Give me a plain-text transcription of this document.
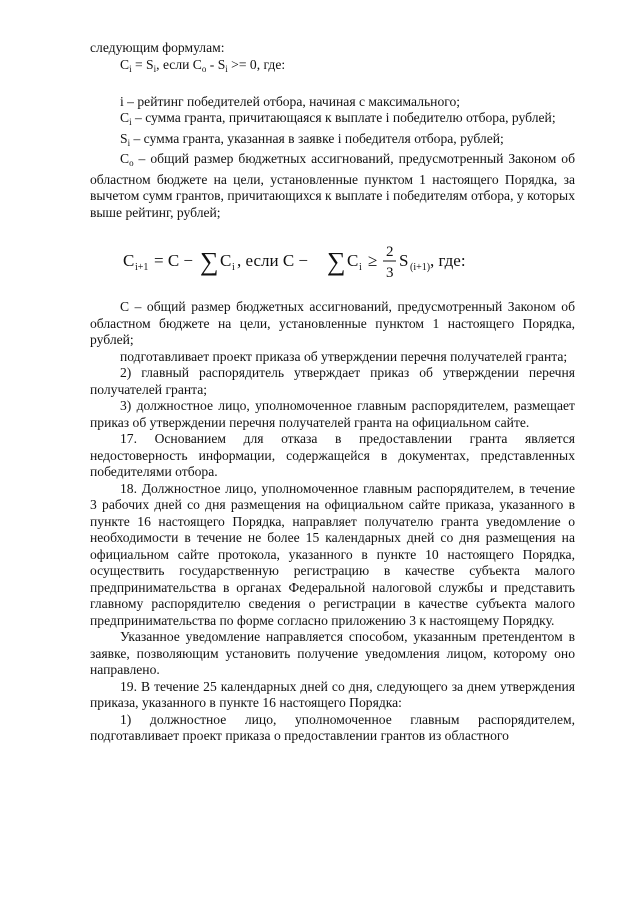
следующим формулам:

$C_i = S_i$, если $C_o - S_i >= 0$, где:

i – рейтинг победителей отбора, начиная с максимального;

$C_i$ – сумма гранта, причитающаяся к выплате i победителю отбора, рублей;

$S_i$ – сумма гранта, указанная в заявке i победителя отбора, рублей;

$C_o$ – общий размер бюджетных ассигнований, предусмотренный Законом об областном бюджете на цели, установленные пунктом 1 настоящего Порядка, за вычетом сумм грантов, причитающихся к выплате i победителям отбора, у которых выше рейтинг, рублей;

C i+1 = C − ∑ C i , если C − ∑ C i ≥ 2
3
S (i+1) , где:

C – общий размер бюджетных ассигнований, предусмотренный Законом об областном бюджете на цели, установленные пунктом 1 настоящего Порядка, рублей;

подготавливает проект приказа об утверждении перечня получателей гранта;

2) главный распорядитель утверждает приказ об утверждении перечня получателей гранта;

3) должностное лицо, уполномоченное главным распорядителем, размещает приказ об утверждении перечня получателей гранта на официальном сайте.

17. Основанием для отказа в предоставлении гранта является недостоверность информации, содержащейся в документах, представленных победителями отбора.

18. Должностное лицо, уполномоченное главным распорядителем, в течение 3 рабочих дней со дня размещения на официальном сайте приказа, указанного в пункте 16 настоящего Порядка, направляет получателю гранта уведомление о необходимости в течение не более 15 календарных дней со дня размещения на официальном сайте протокола, указанного в пункте 10 настоящего Порядка, осуществить государственную регистрацию в качестве субъекта малого предпринимательства в органах Федеральной налоговой службы и представить главному распорядителю сведения о регистрации в качестве субъекта малого предпринимательства по форме согласно приложению 3 к настоящему Порядку.

Указанное уведомление направляется способом, указанным претендентом в заявке, позволяющим установить получение уведомления лицом, которому оно направлено.

19. В течение 25 календарных дней со дня, следующего за днем утверждения приказа, указанного в пункте 16 настоящего Порядка:

1) должностное лицо, уполномоченное главным распорядителем, подготавливает проект приказа о предоставлении грантов из областного
